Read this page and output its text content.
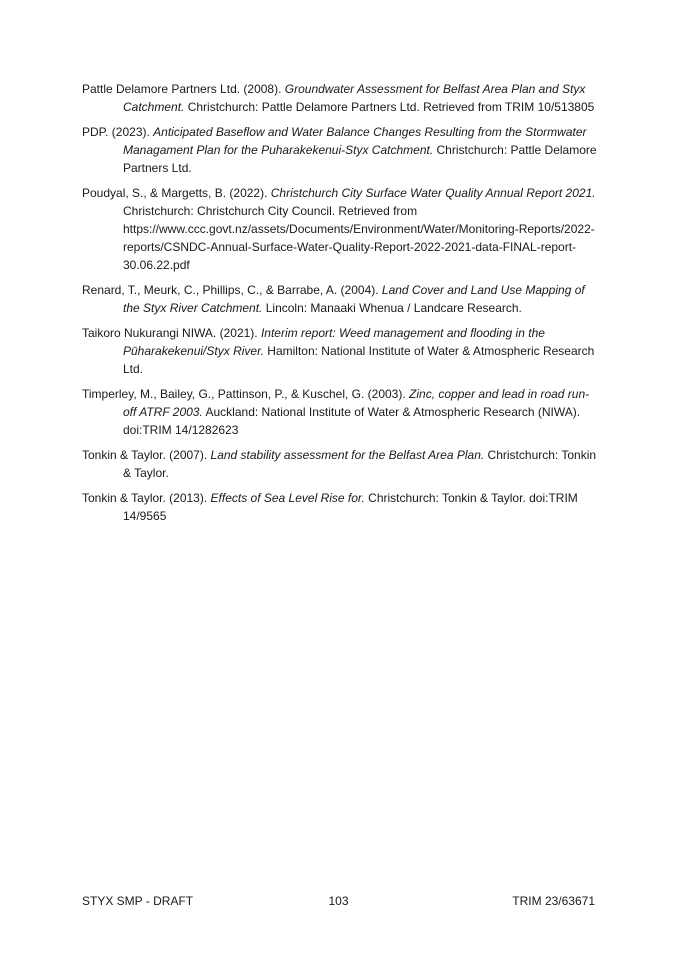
Pattle Delamore Partners Ltd. (2008). Groundwater Assessment for Belfast Area Plan and Styx Catchment. Christchurch: Pattle Delamore Partners Ltd. Retrieved from TRIM 10/513805

PDP. (2023). Anticipated Baseflow and Water Balance Changes Resulting from the Stormwater Managament Plan for the Puharakekenui-Styx Catchment. Christchurch: Pattle Delamore Partners Ltd.

Poudyal, S., & Margetts, B. (2022). Christchurch City Surface Water Quality Annual Report 2021. Christchurch: Christchurch City Council. Retrieved from https://www.ccc.govt.nz/assets/Documents/Environment/Water/Monitoring-Reports/2022-reports/CSNDC-Annual-Surface-Water-Quality-Report-2022-2021-data-FINAL-report-30.06.22.pdf

Renard, T., Meurk, C., Phillips, C., & Barrabe, A. (2004). Land Cover and Land Use Mapping of the Styx River Catchment. Lincoln: Manaaki Whenua / Landcare Research.

Taikoro Nukurangi NIWA. (2021). Interim report: Weed management and flooding in the Pūharakekenui/Styx River. Hamilton: National Institute of Water & Atmospheric Research Ltd.

Timperley, M., Bailey, G., Pattinson, P., & Kuschel, G. (2003). Zinc, copper and lead in road run-off ATRF 2003. Auckland: National Institute of Water & Atmospheric Research (NIWA). doi:TRIM 14/1282623

Tonkin & Taylor. (2007). Land stability assessment for the Belfast Area Plan. Christchurch: Tonkin & Taylor.

Tonkin & Taylor. (2013). Effects of Sea Level Rise for. Christchurch: Tonkin & Taylor. doi:TRIM 14/9565

STYX SMP - DRAFT	103	TRIM 23/63671
